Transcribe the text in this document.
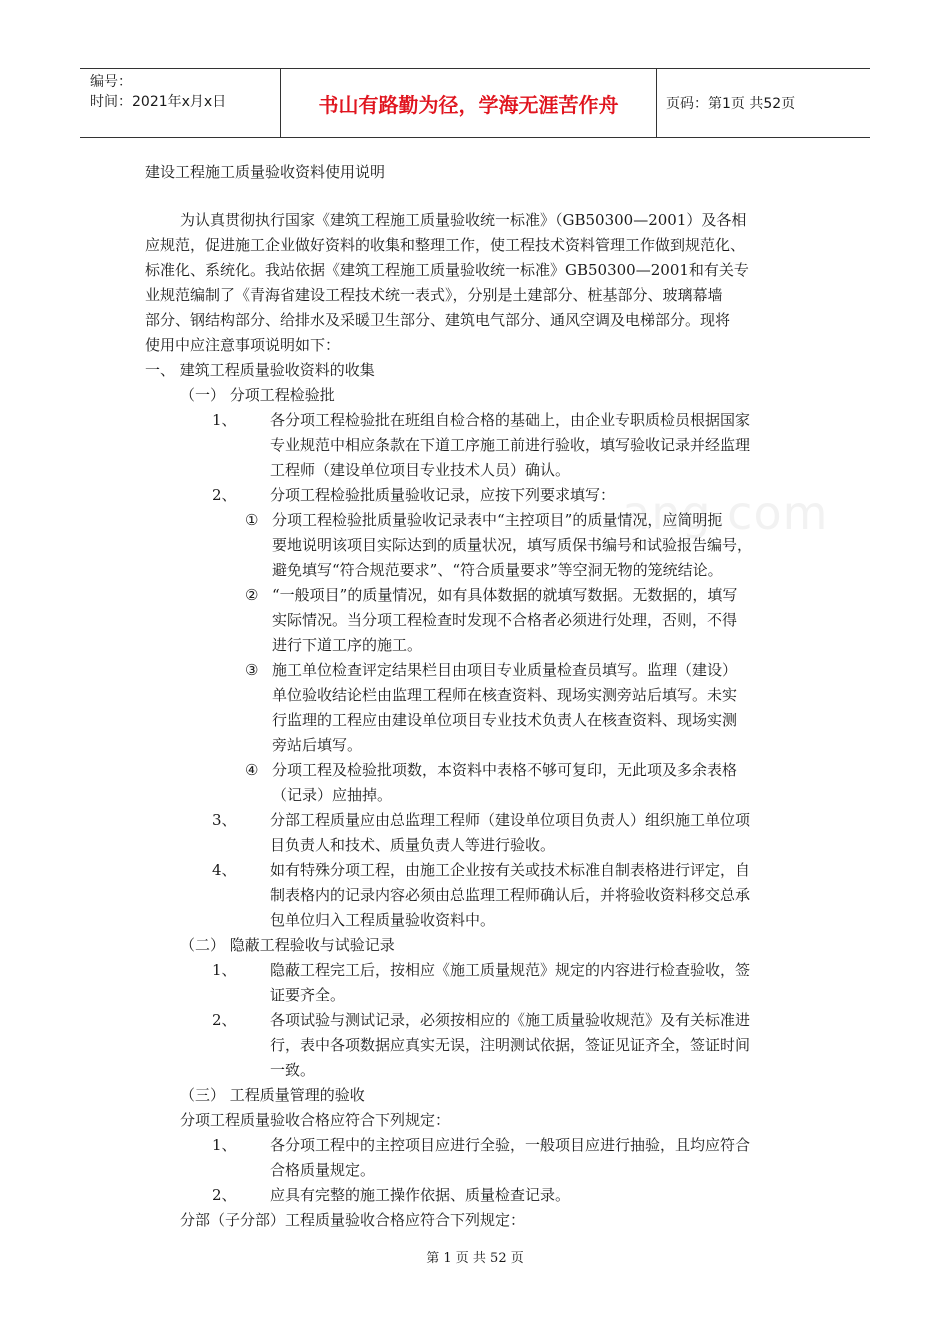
编号：
时间：2021年x月x日	书山有路勤为径，学海无涯苦作舟	页码：第1页 共52页
ang.com
建设工程施工质量验收资料使用说明
为认真贯彻执行国家《建筑工程施工质量验收统一标准》（GB50300—2001）及各相
应规范，促进施工企业做好资料的收集和整理工作，使工程技术资料管理工作做到规范化、
标准化、系统化。我站依据《建筑工程施工质量验收统一标准》GB50300—2001和有关专
业规范编制了《青海省建设工程技术统一表式》，分别是土建部分、桩基部分、玻璃幕墙
部分、钢结构部分、给排水及采暖卫生部分、建筑电气部分、通风空调及电梯部分。现将
使用中应注意事项说明如下：
一、 建筑工程质量验收资料的收集
（一） 分项工程检验批
1、 各分项工程检验批在班组自检合格的基础上，由企业专职质检员根据国家
专业规范中相应条款在下道工序施工前进行验收，填写验收记录并经监理
工程师（建设单位项目专业技术人员）确认。
2、 分项工程检验批质量验收记录，应按下列要求填写：
① 分项工程检验批质量验收记录表中“主控项目”的质量情况，应简明扼
要地说明该项目实际达到的质量状况，填写质保书编号和试验报告编号，
避免填写“符合规范要求”、“符合质量要求”等空洞无物的笼统结论。
② “一般项目”的质量情况，如有具体数据的就填写数据。无数据的，填写
实际情况。当分项工程检查时发现不合格者必须进行处理，否则，不得
进行下道工序的施工。
③ 施工单位检查评定结果栏目由项目专业质量检查员填写。监理（建设）
单位验收结论栏由监理工程师在核查资料、现场实测旁站后填写。未实
行监理的工程应由建设单位项目专业技术负责人在核查资料、现场实测
旁站后填写。
④ 分项工程及检验批项数，本资料中表格不够可复印，无此项及多余表格
（记录）应抽掉。
3、 分部工程质量应由总监理工程师（建设单位项目负责人）组织施工单位项
目负责人和技术、质量负责人等进行验收。
4、 如有特殊分项工程，由施工企业按有关或技术标准自制表格进行评定，自
制表格内的记录内容必须由总监理工程师确认后，并将验收资料移交总承
包单位归入工程质量验收资料中。
（二） 隐蔽工程验收与试验记录
1、 隐蔽工程完工后，按相应《施工质量规范》规定的内容进行检查验收，签
证要齐全。
2、 各项试验与测试记录，必须按相应的《施工质量验收规范》及有关标准进
行，表中各项数据应真实无误，注明测试依据，签证见证齐全，签证时间
一致。
（三） 工程质量管理的验收
分项工程质量验收合格应符合下列规定：
1、 各分项工程中的主控项目应进行全验，一般项目应进行抽验，且均应符合
合格质量规定。
2、 应具有完整的施工操作依据、质量检查记录。
分部（子分部）工程质量验收合格应符合下列规定：
第 1 页 共 52 页
